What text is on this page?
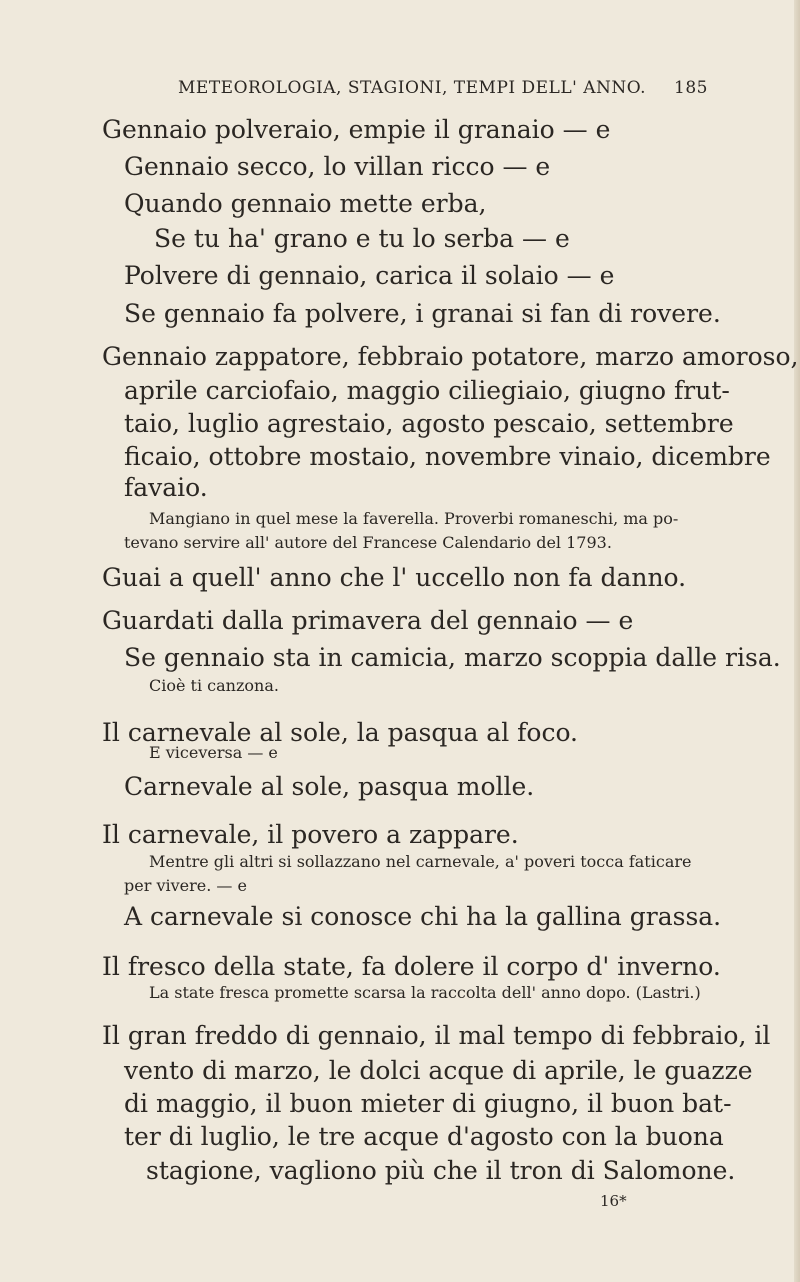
METEOROLOGIA, STAGIONI, TEMPI DELL' ANNO. 185
Gennaio polveraio, empie il granaio — e
Gennaio secco, lo villan ricco — e
Quando gennaio mette erba,
Se tu ha' grano e tu lo serba — e
Polvere di gennaio, carica il solaio — e
Se gennaio fa polvere, i granai si fan di rovere.
Gennaio zappatore, febbraio potatore, marzo amoroso,
aprile carciofaio, maggio ciliegiaio, giugno frut-
taio, luglio agrestaio, agosto pescaio, settembre
ficaio, ottobre mostaio, novembre vinaio, dicembre
favaio.
Mangiano in quel mese la faverella. Proverbi romaneschi, ma po-
tevano servire all' autore del Francese Calendario del 1793.
Guai a quell' anno che l' uccello non fa danno.
Guardati dalla primavera del gennaio — e
Se gennaio sta in camicia, marzo scoppia dalle risa.
Cioè ti canzona.
Il carnevale al sole, la pasqua al foco.
E viceversa — e
Carnevale al sole, pasqua molle.
Il carnevale, il povero a zappare.
Mentre gli altri si sollazzano nel carnevale, a' poveri tocca faticare
per vivere. — e
A carnevale si conosce chi ha la gallina grassa.
Il fresco della state, fa dolere il corpo d' inverno.
La state fresca promette scarsa la raccolta dell' anno dopo. (Lastri.)
Il gran freddo di gennaio, il mal tempo di febbraio, il
vento di marzo, le dolci acque di aprile, le guazze
di maggio, il buon mieter di giugno, il buon bat-
ter di luglio, le tre acque d'agosto con la buona
stagione, vagliono più che il tron di Salomone.
16*
